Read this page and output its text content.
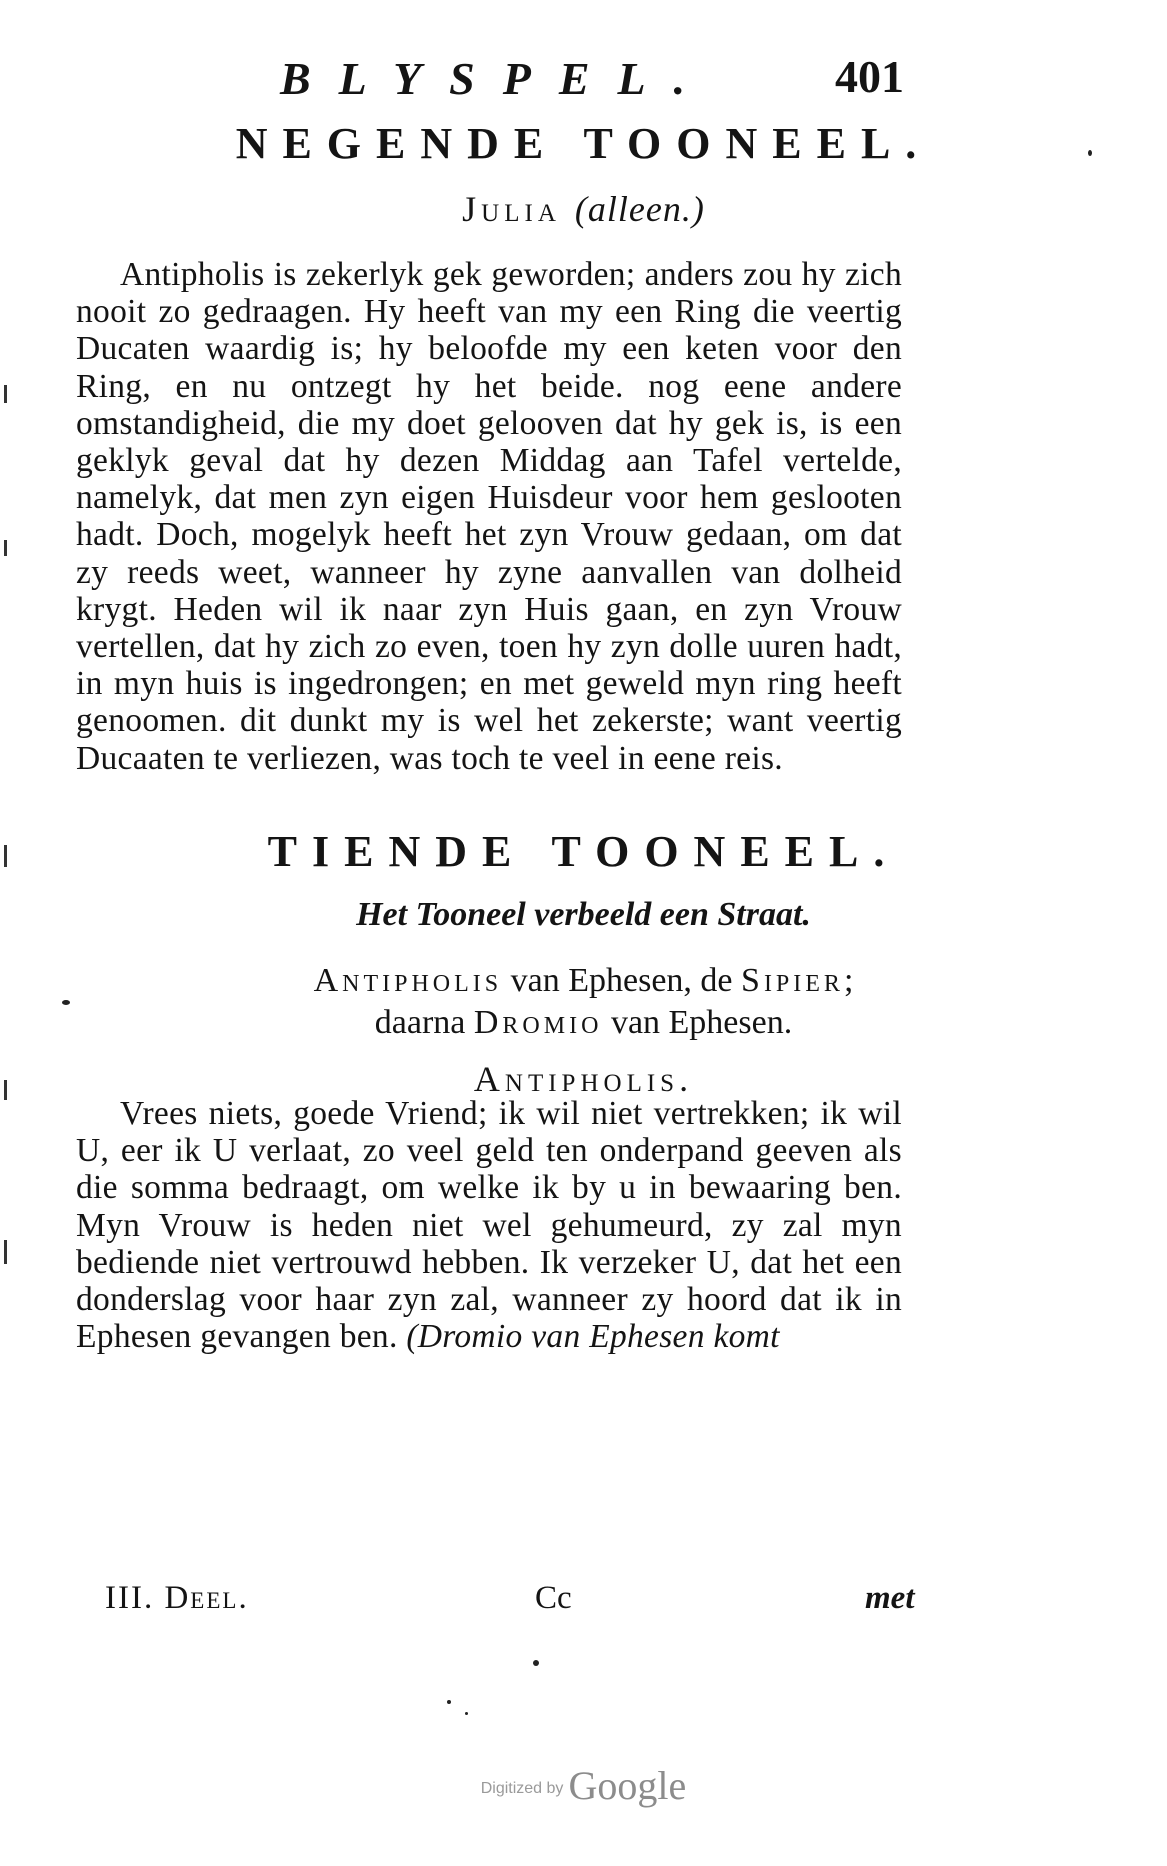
BLYSPEL.	401
NEGENDE TOONEEL.
Julia (alleen.)

Antipholis is zekerlyk gek geworden; anders zou hy zich nooit zo gedraagen. Hy heeft van my een Ring die veertig Ducaten waardig is; hy beloofde my een keten voor den Ring, en nu ontzegt hy het beide. nog eene andere omstandigheid, die my doet gelooven dat hy gek is, is een geklyk geval dat hy dezen Middag aan Tafel vertelde, namelyk, dat men zyn eigen Huisdeur voor hem geslooten hadt. Doch, mogelyk heeft het zyn Vrouw gedaan, om dat zy reeds weet, wanneer hy zyne aanvallen van dolheid krygt. Heden wil ik naar zyn Huis gaan, en zyn Vrouw vertellen, dat hy zich zo even, toen hy zyn dolle uuren hadt, in myn huis is ingedrongen; en met geweld myn ring heeft genoomen. dit dunkt my is wel het zekerste; want veertig Ducaaten te verliezen, was toch te veel in eene reis.

TIENDE TOONEEL.
Het Tooneel verbeeld een Straat.
Antipholis van Ephesen, de Sipier;
daarna Dromio van Ephesen.
Antipholis.

Vrees niets, goede Vriend; ik wil niet vertrekken; ik wil U, eer ik U verlaat, zo veel geld ten onderpand geeven als die somma bedraagt, om welke ik by u in bewaaring ben. Myn Vrouw is heden niet wel gehumeurd, zy zal myn bediende niet vertrouwd hebben. Ik verzeker U, dat het een donderslag voor haar zyn zal, wanneer zy hoord dat ik in Ephesen gevangen ben. (Dromio van Ephesen komt

III. Deel.	Cc	met
Digitized by Google
